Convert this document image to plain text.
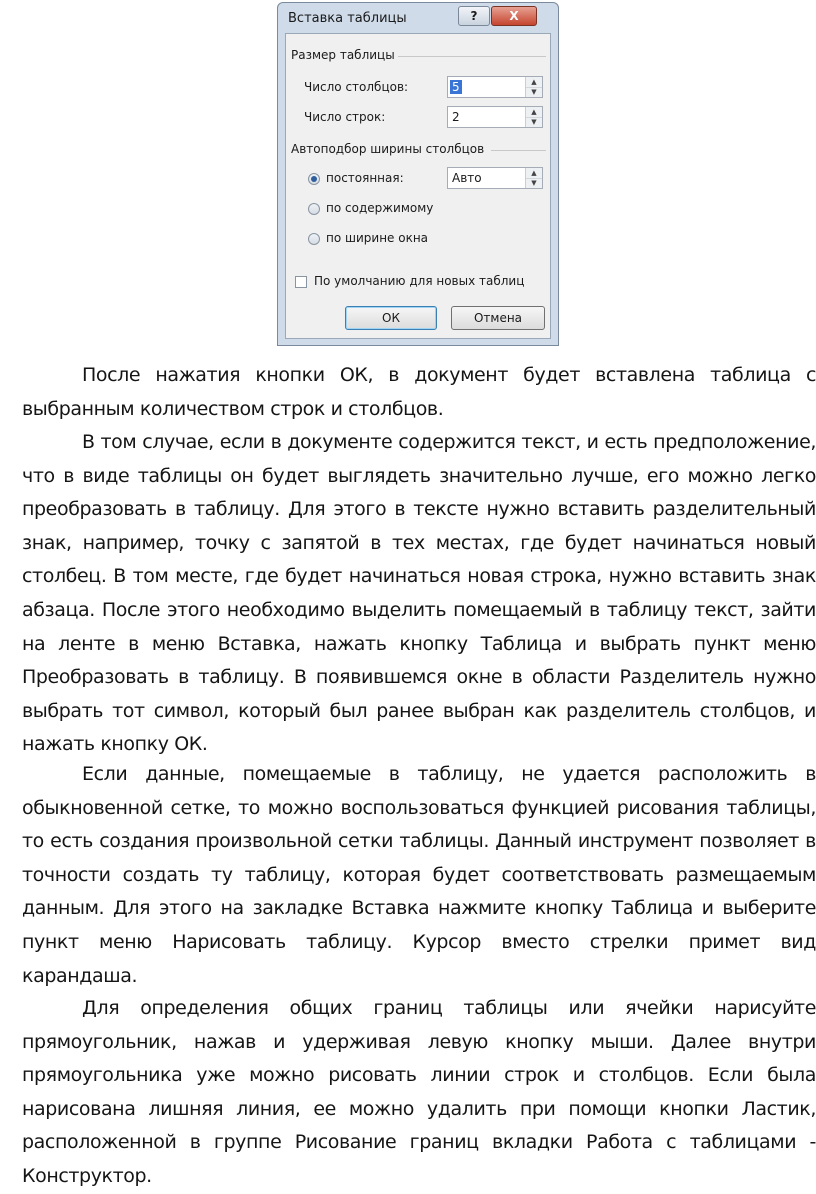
Вставка таблицы	?	X
Размер таблицы
Число столбцов:	5	▲
▼
Число строк:	2	▲
▼
Автоподбор ширины столбцов
постоянная:	Авто	▲
▼
по содержимому
по ширине окна
По умолчанию для новых таблиц
ОК	Отмена

После нажатия кнопки ОК, в документ будет вставлена таблица с выбранным количеством строк и столбцов.

В том случае, если в документе содержится текст, и есть предположение, что в виде таблицы он будет выглядеть значительно лучше, его можно легко преобразовать в таблицу. Для этого в тексте нужно вставить разделительный знак, например, точку с запятой в тех местах, где будет начинаться новый столбец. В том месте, где будет начинаться новая строка, нужно вставить знак абзаца. После этого необходимо выделить помещаемый в таблицу текст, зайти на ленте в меню Вставка, нажать кнопку Таблица и выбрать пункт меню Преобразовать в таблицу. В появившемся окне в области Разделитель нужно выбрать тот символ, который был ранее выбран как разделитель столбцов, и нажать кнопку ОК.

Если данные, помещаемые в таблицу, не удается расположить в обыкновенной сетке, то можно воспользоваться функцией рисования таблицы, то есть создания произвольной сетки таблицы. Данный инструмент позволяет в точности создать ту таблицу, которая будет соответствовать размещаемым данным. Для этого на закладке Вставка нажмите кнопку Таблица и выберите пункт меню Нарисовать таблицу. Курсор вместо стрелки примет вид карандаша.

Для определения общих границ таблицы или ячейки нарисуйте прямоугольник, нажав и удерживая левую кнопку мыши. Далее внутри прямоугольника уже можно рисовать линии строк и столбцов. Если была нарисована лишняя линия, ее можно удалить при помощи кнопки Ластик, расположенной в группе Рисование границ вкладки Работа с таблицами - Конструктор.
